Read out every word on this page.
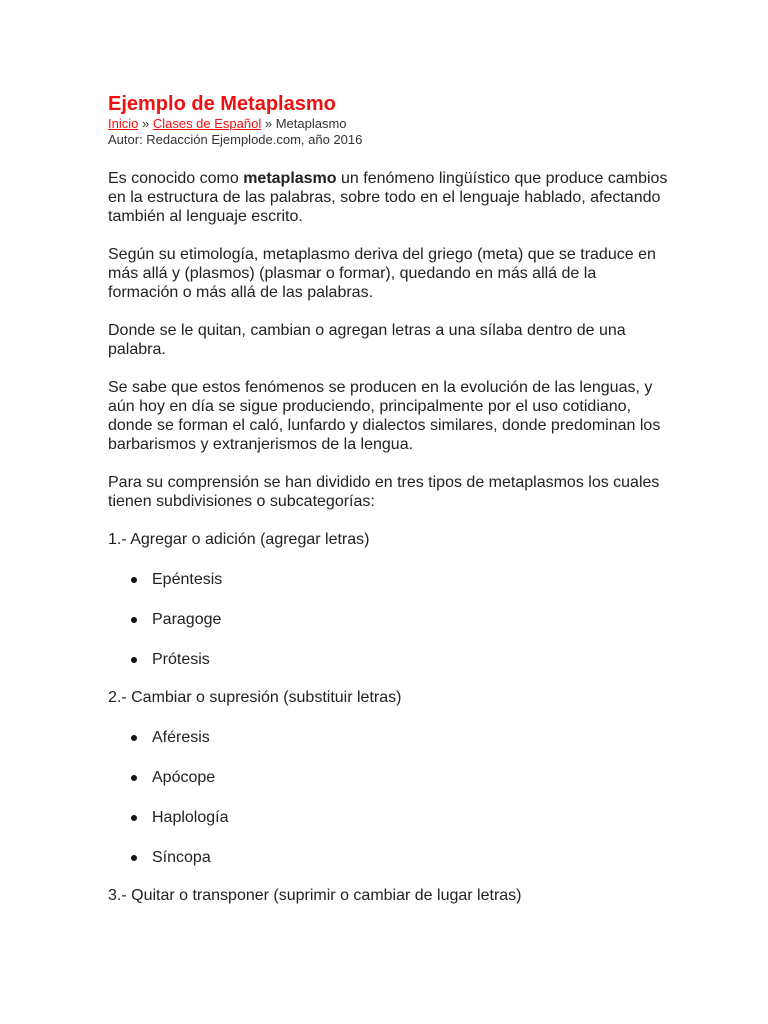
Ejemplo de Metaplasmo
Inicio » Clases de Español » Metaplasmo
Autor: Redacción Ejemplode.com, año 2016

Es conocido como metaplasmo un fenómeno lingüístico que produce cambios en la estructura de las palabras, sobre todo en el lenguaje hablado, afectando también al lenguaje escrito.

Según su etimología, metaplasmo deriva del griego (meta) que se traduce en más allá y (plasmos) (plasmar o formar), quedando en más allá de la formación o más allá de las palabras.

Donde se le quitan, cambian o agregan letras a una sílaba dentro de una palabra.

Se sabe que estos fenómenos se producen en la evolución de las lenguas, y aún hoy en día se sigue produciendo, principalmente por el uso cotidiano, donde se forman el caló, lunfardo y dialectos similares, donde predominan los barbarismos y extranjerismos de la lengua.

Para su comprensión se han dividido en tres tipos de metaplasmos los cuales tienen subdivisiones o subcategorías:

1.- Agregar o adición (agregar letras)

Epéntesis
Paragoge
Prótesis

2.- Cambiar o supresión (substituir letras)

Aféresis
Apócope
Haplología
Síncopa

3.- Quitar o transponer (suprimir o cambiar de lugar letras)
